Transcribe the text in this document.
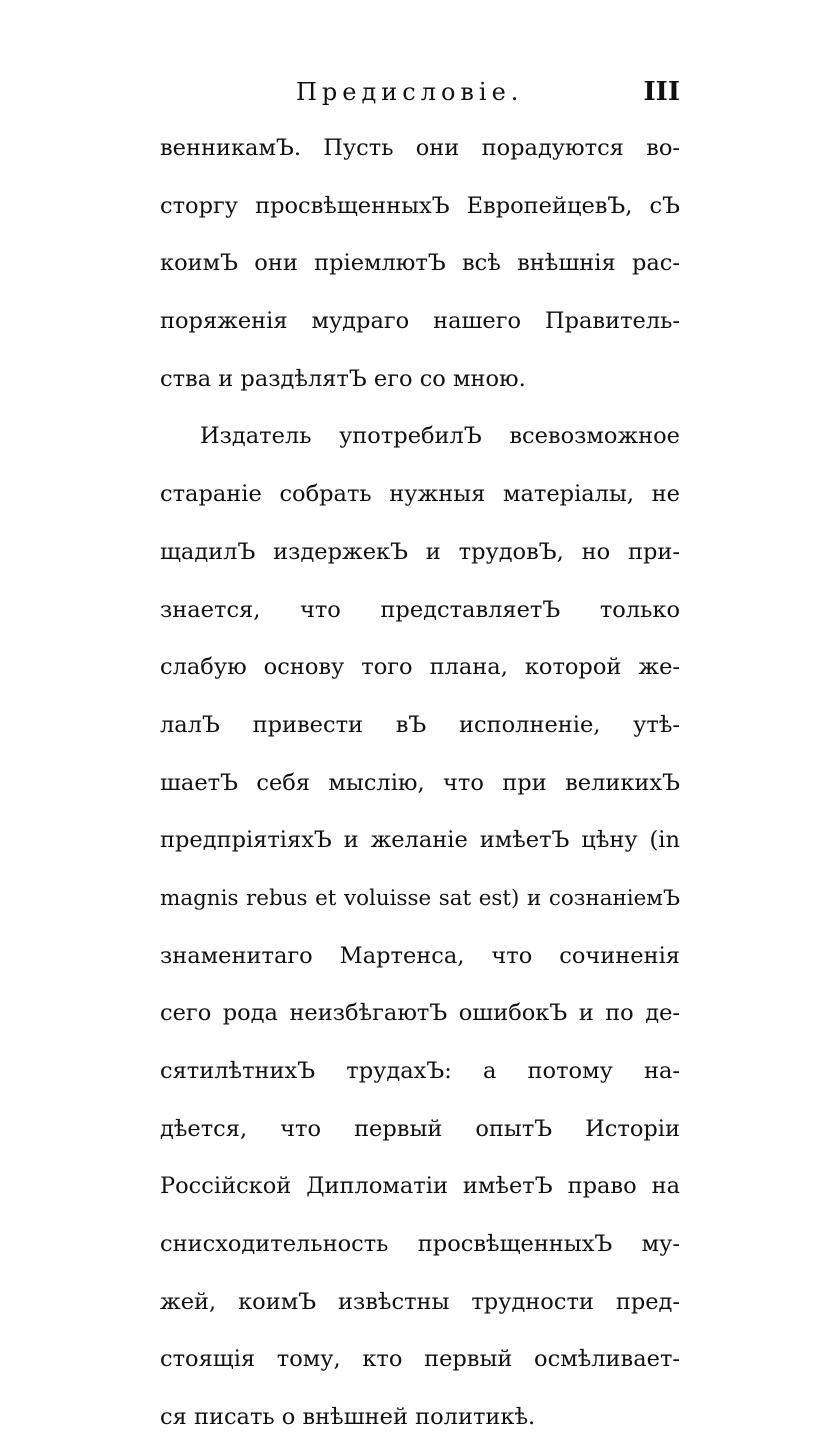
Предисловіе.	III
венникамЪ. Пусть они порадуются во-
сторгу просвѣщенныхЪ ЕвропейцевЪ, сЪ
коимЪ они пріемлютЪ всѣ внѣшнія рас-
поряженія мудраго нашего Правитель-
ства и раздѣлятЪ его со мною.
Издатель употребилЪ всевозможное
стараніе собрать нужныя матеріалы, не
щадилЪ издержекЪ и трудовЪ, но при-
знается, что представляетЪ только
слабую основу того плана, которой же-
лалЪ привести вЪ исполненіе, утѣ-
шаетЪ себя мыслію, что при великихЪ
предпріятіяхЪ и желаніе имѣетЪ цѣну (in
magnis rebus et voluisse sat est) и сознаніемЪ
знаменитаго Мартенса, что сочиненія
сего рода неизбѣгаютЪ ошибокЪ и по де-
сятилѣтнихЪ трудахЪ: а потому на-
дѣется, что первый опытЪ Исторіи
Россійской Дипломатіи имѣетЪ право на
снисходительность просвѣщенныхЪ му-
жей, коимЪ извѣстны трудности пред-
стоящія тому, кто первый осмѣливает-
ся писать о внѣшней политикѣ.
